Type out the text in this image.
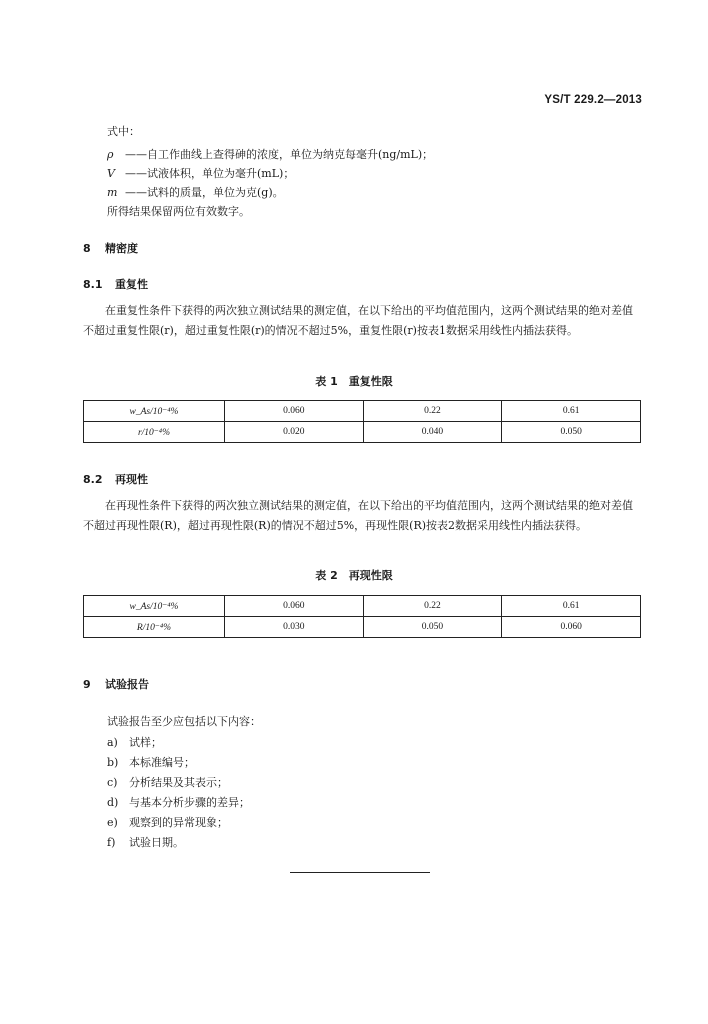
YS/T 229.2—2013
式中：
ρ ——自工作曲线上查得砷的浓度，单位为纳克每毫升(ng/mL)；
V ——试液体积，单位为毫升(mL)；
m ——试料的质量，单位为克(g)。
所得结果保留两位有效数字。
8 精密度
8.1 重复性
在重复性条件下获得的两次独立测试结果的测定值，在以下给出的平均值范围内，这两个测试结果的绝对差值不超过重复性限(r)，超过重复性限(r)的情况不超过5%，重复性限(r)按表1数据采用线性内插法获得。
表 1　重复性限
w_As/10⁻⁴%	0.060	0.22	0.61
r/10⁻⁴%	0.020	0.040	0.050
8.2 再现性
在再现性条件下获得的两次独立测试结果的测定值，在以下给出的平均值范围内，这两个测试结果的绝对差值不超过再现性限(R)，超过再现性限(R)的情况不超过5%，再现性限(R)按表2数据采用线性内插法获得。
表 2　再现性限
w_As/10⁻⁴%	0.060	0.22	0.61
R/10⁻⁴%	0.030	0.050	0.060
9 试验报告
试验报告至少应包括以下内容：
a) 试样；
b) 本标准编号；
c) 分析结果及其表示；
d) 与基本分析步骤的差异；
e) 观察到的异常现象；
f) 试验日期。
